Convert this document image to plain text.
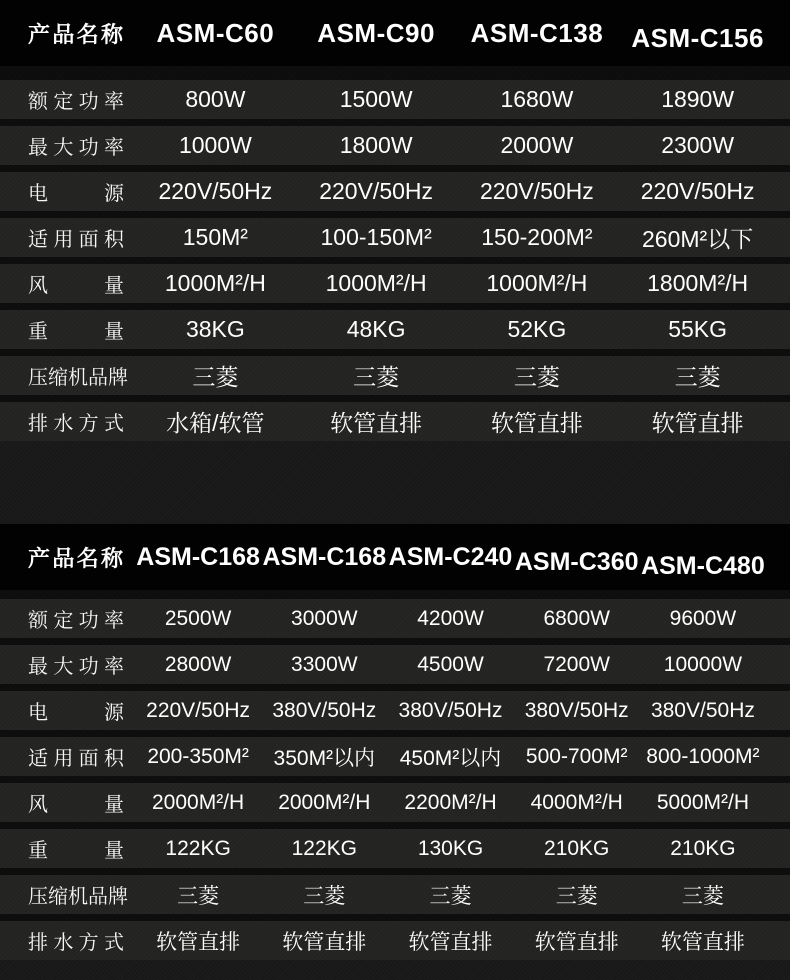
产品名称	ASM-C60	ASM-C90	ASM-C138	ASM-C156
额定功率	800W	1500W	1680W	1890W
最大功率	1000W	1800W	2000W	2300W
电源	220V/50Hz	220V/50Hz	220V/50Hz	220V/50Hz
适用面积	150M²	100-150M²	150-200M²	260M²以下
风量	1000M²/H	1000M²/H	1000M²/H	1800M²/H
重量	38KG	48KG	52KG	55KG
压缩机品牌	三菱	三菱	三菱	三菱
排水方式	水箱/软管	软管直排	软管直排	软管直排
产品名称 ASM-C168 ASM-C168 ASM-C240 ASM-C360 ASM-C480
额定功率	2500W	3000W	4200W	6800W	9600W
最大功率	2800W	3300W	4500W	7200W	10000W
电源	220V/50Hz	380V/50Hz	380V/50Hz	380V/50Hz	380V/50Hz
适用面积	200-350M²	350M²以内	450M²以内	500-700M² 800-1000M²
风量	2000M²/H	2000M²/H	2200M²/H	4000M²/H	5000M²/H
重量	122KG	122KG	130KG	210KG	210KG
压缩机品牌	三菱	三菱	三菱	三菱	三菱
排水方式	软管直排	软管直排	软管直排	软管直排	软管直排
